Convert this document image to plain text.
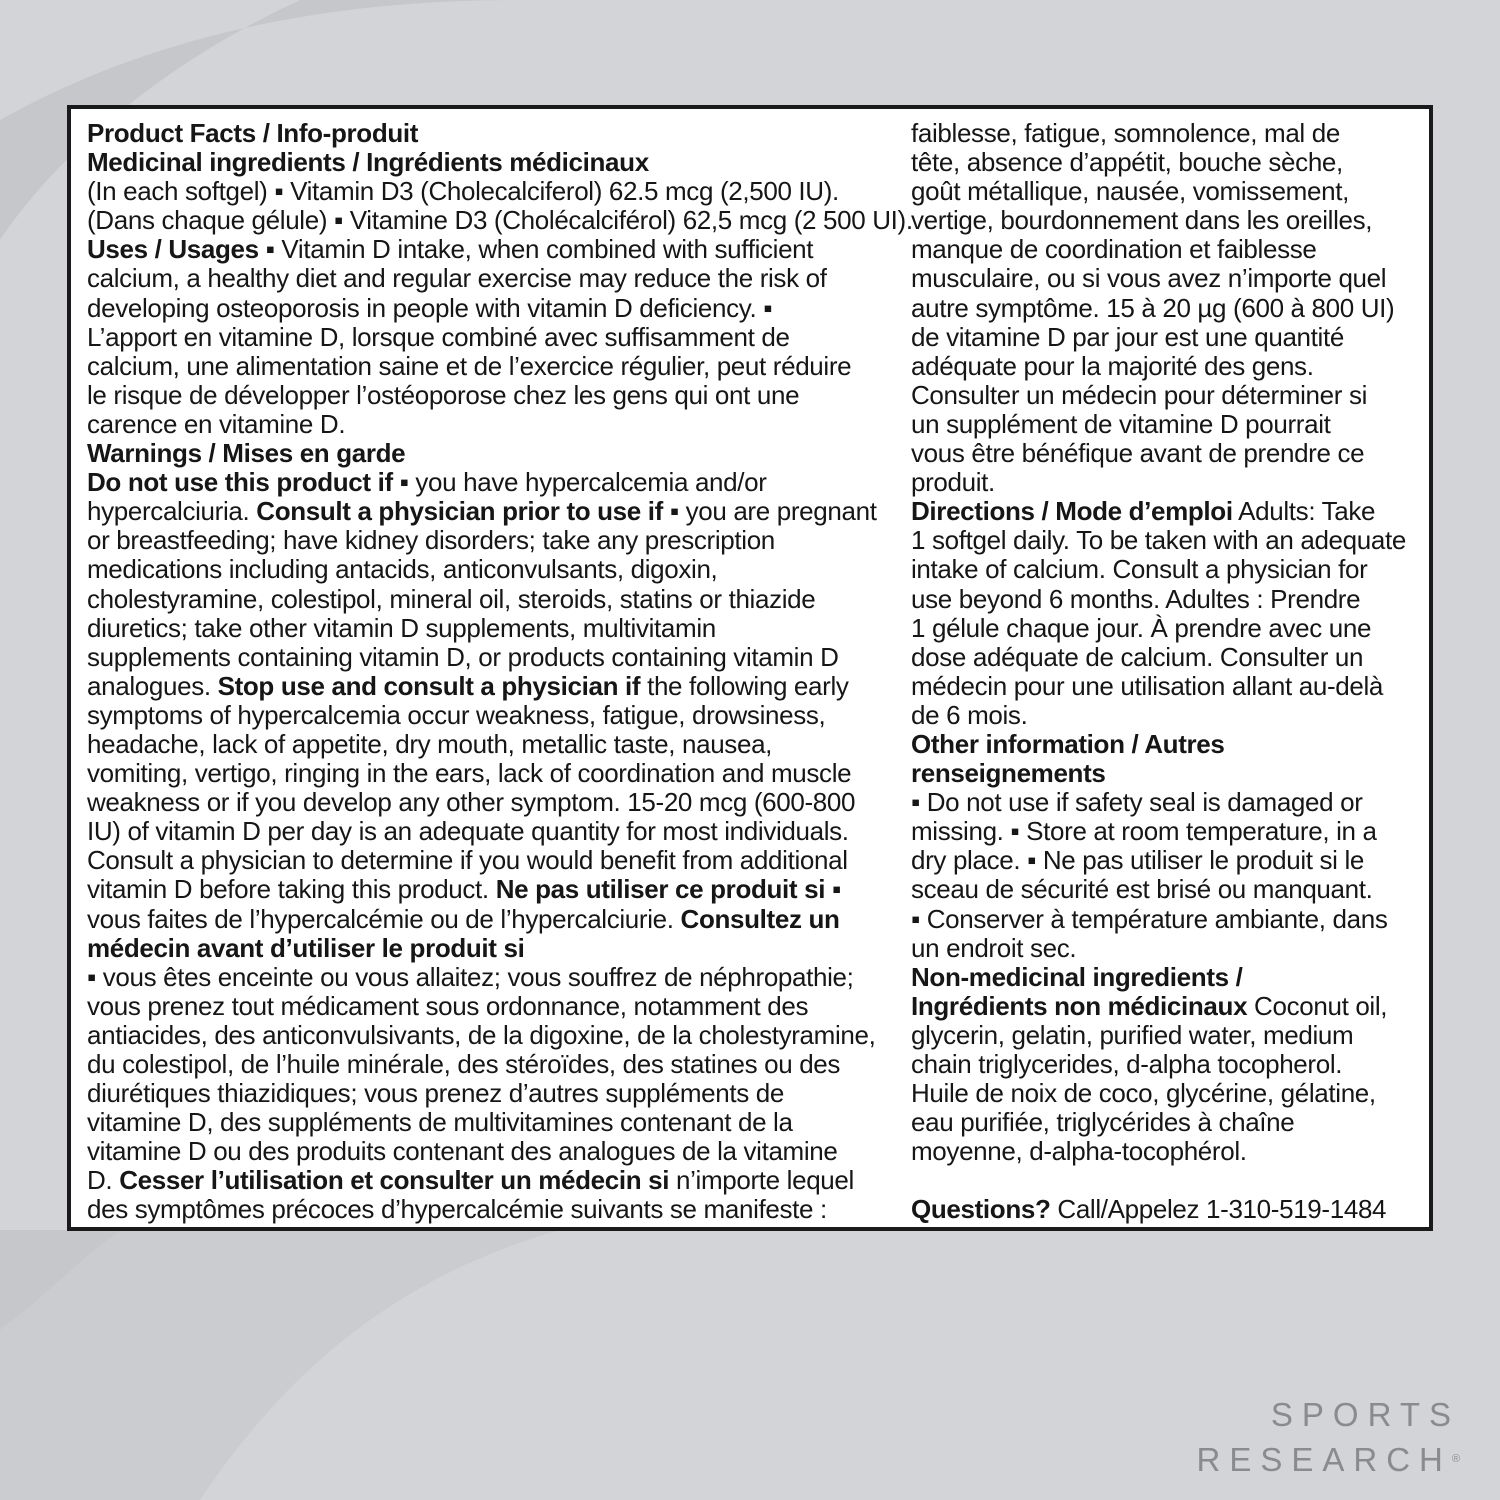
Product Facts / Info-produit

Medicinal ingredients / Ingrédients médicinaux

(In each softgel) ▪ Vitamin D3 (Cholecalciferol) 62.5 mcg (2,500 IU).

(Dans chaque gélule) ▪ Vitamine D3 (Cholécalciférol) 62,5 mcg (2 500 UI).

Uses / Usages ▪ Vitamin D intake, when combined with sufficient

calcium, a healthy diet and regular exercise may reduce the risk of

developing osteoporosis in people with vitamin D deficiency. ▪

L’apport en vitamine D, lorsque combiné avec suffisamment de

calcium, une alimentation saine et de l’exercice régulier, peut réduire

le risque de développer l’ostéoporose chez les gens qui ont une

carence en vitamine D.

Warnings / Mises en garde

Do not use this product if ▪ you have hypercalcemia and/or

hypercalciuria. Consult a physician prior to use if ▪ you are pregnant

or breastfeeding; have kidney disorders; take any prescription

medications including antacids, anticonvulsants, digoxin,

cholestyramine, colestipol, mineral oil, steroids, statins or thiazide

diuretics; take other vitamin D supplements, multivitamin

supplements containing vitamin D, or products containing vitamin D

analogues. Stop use and consult a physician if the following early

symptoms of hypercalcemia occur weakness, fatigue, drowsiness,

headache, lack of appetite, dry mouth, metallic taste, nausea,

vomiting, vertigo, ringing in the ears, lack of coordination and muscle

weakness or if you develop any other symptom. 15-20 mcg (600-800

IU) of vitamin D per day is an adequate quantity for most individuals.

Consult a physician to determine if you would benefit from additional

vitamin D before taking this product. Ne pas utiliser ce produit si ▪

vous faites de l’hypercalcémie ou de l’hypercalciurie. Consultez un

médecin avant d’utiliser le produit si

▪ vous êtes enceinte ou vous allaitez; vous souffrez de néphropathie;

vous prenez tout médicament sous ordonnance, notamment des

antiacides, des anticonvulsivants, de la digoxine, de la cholestyramine,

du colestipol, de l’huile minérale, des stéroïdes, des statines ou des

diurétiques thiazidiques; vous prenez d’autres suppléments de

vitamine D, des suppléments de multivitamines contenant de la

vitamine D ou des produits contenant des analogues de la vitamine

D. Cesser l’utilisation et consulter un médecin si n’importe lequel

des symptômes précoces d’hypercalcémie suivants se manifeste :

faiblesse, fatigue, somnolence, mal de

tête, absence d’appétit, bouche sèche,

goût métallique, nausée, vomissement,

vertige, bourdonnement dans les oreilles,

manque de coordination et faiblesse

musculaire, ou si vous avez n’importe quel

autre symptôme. 15 à 20 µg (600 à 800 UI)

de vitamine D par jour est une quantité

adéquate pour la majorité des gens.

Consulter un médecin pour déterminer si

un supplément de vitamine D pourrait

vous être bénéfique avant de prendre ce

produit.

Directions / Mode d’emploi Adults: Take

1 softgel daily. To be taken with an adequate

intake of calcium. Consult a physician for

use beyond 6 months. Adultes : Prendre

1 gélule chaque jour. À prendre avec une

dose adéquate de calcium. Consulter un

médecin pour une utilisation allant au-delà

de 6 mois.

Other information / Autres

renseignements

▪ Do not use if safety seal is damaged or

missing. ▪ Store at room temperature, in a

dry place. ▪ Ne pas utiliser le produit si le

sceau de sécurité est brisé ou manquant.

▪ Conserver à température ambiante, dans

un endroit sec.

Non-medicinal ingredients /

Ingrédients non médicinaux Coconut oil,

glycerin, gelatin, purified water, medium

chain triglycerides, d-alpha tocopherol.

Huile de noix de coco, glycérine, gélatine,

eau purifiée, triglycérides à chaîne

moyenne, d-alpha-tocophérol.

Questions? Call/Appelez 1-310-519-1484

SPORTS

RESEARCH®
